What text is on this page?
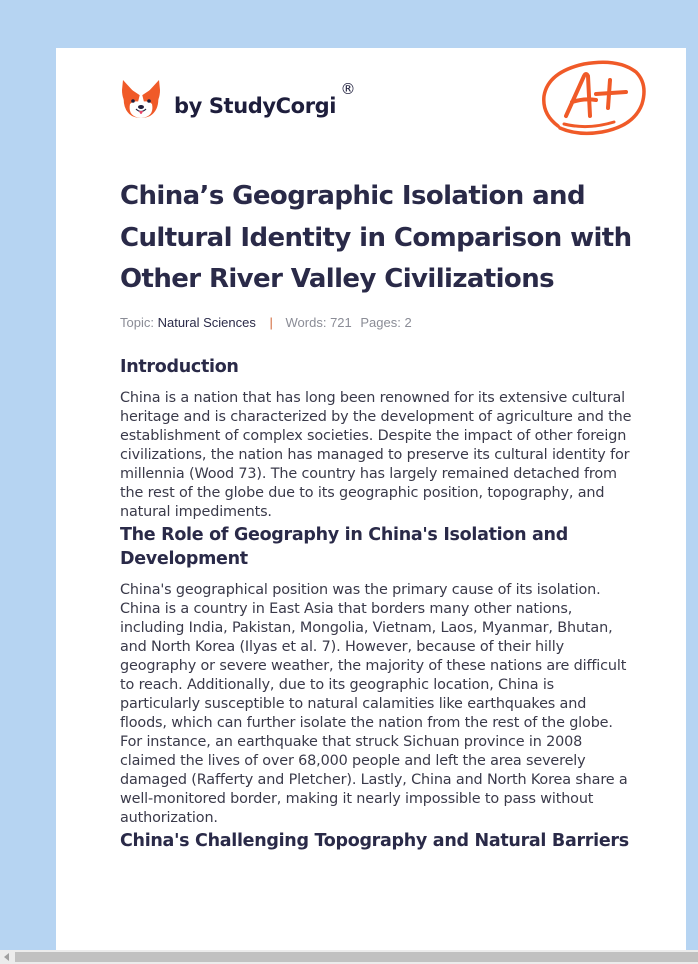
by StudyCorgi
®
China’s Geographic Isolation and Cultural Identity in Comparison with Other River Valley Civilizations
Topic: Natural Sciences | Words: 721 Pages: 2
Introduction

China is a nation that has long been renowned for its extensive cultural heritage and is characterized by the development of agriculture and the establishment of complex societies. Despite the impact of other foreign civilizations, the nation has managed to preserve its cultural identity for millennia (Wood 73). The country has largely remained detached from the rest of the globe due to its geographic position, topography, and natural impediments.

The Role of Geography in China's Isolation and Development

China's geographical position was the primary cause of its isolation. China is a country in East Asia that borders many other nations, including India, Pakistan, Mongolia, Vietnam, Laos, Myanmar, Bhutan, and North Korea (Ilyas et al. 7). However, because of their hilly geography or severe weather, the majority of these nations are difficult to reach. Additionally, due to its geographic location, China is particularly susceptible to natural calamities like earthquakes and floods, which can further isolate the nation from the rest of the globe. For instance, an earthquake that struck Sichuan province in 2008 claimed the lives of over 68,000 people and left the area severely damaged (Rafferty and Pletcher). Lastly, China and North Korea share a well-monitored border, making it nearly impossible to pass without authorization.

China's Challenging Topography and Natural Barriers
